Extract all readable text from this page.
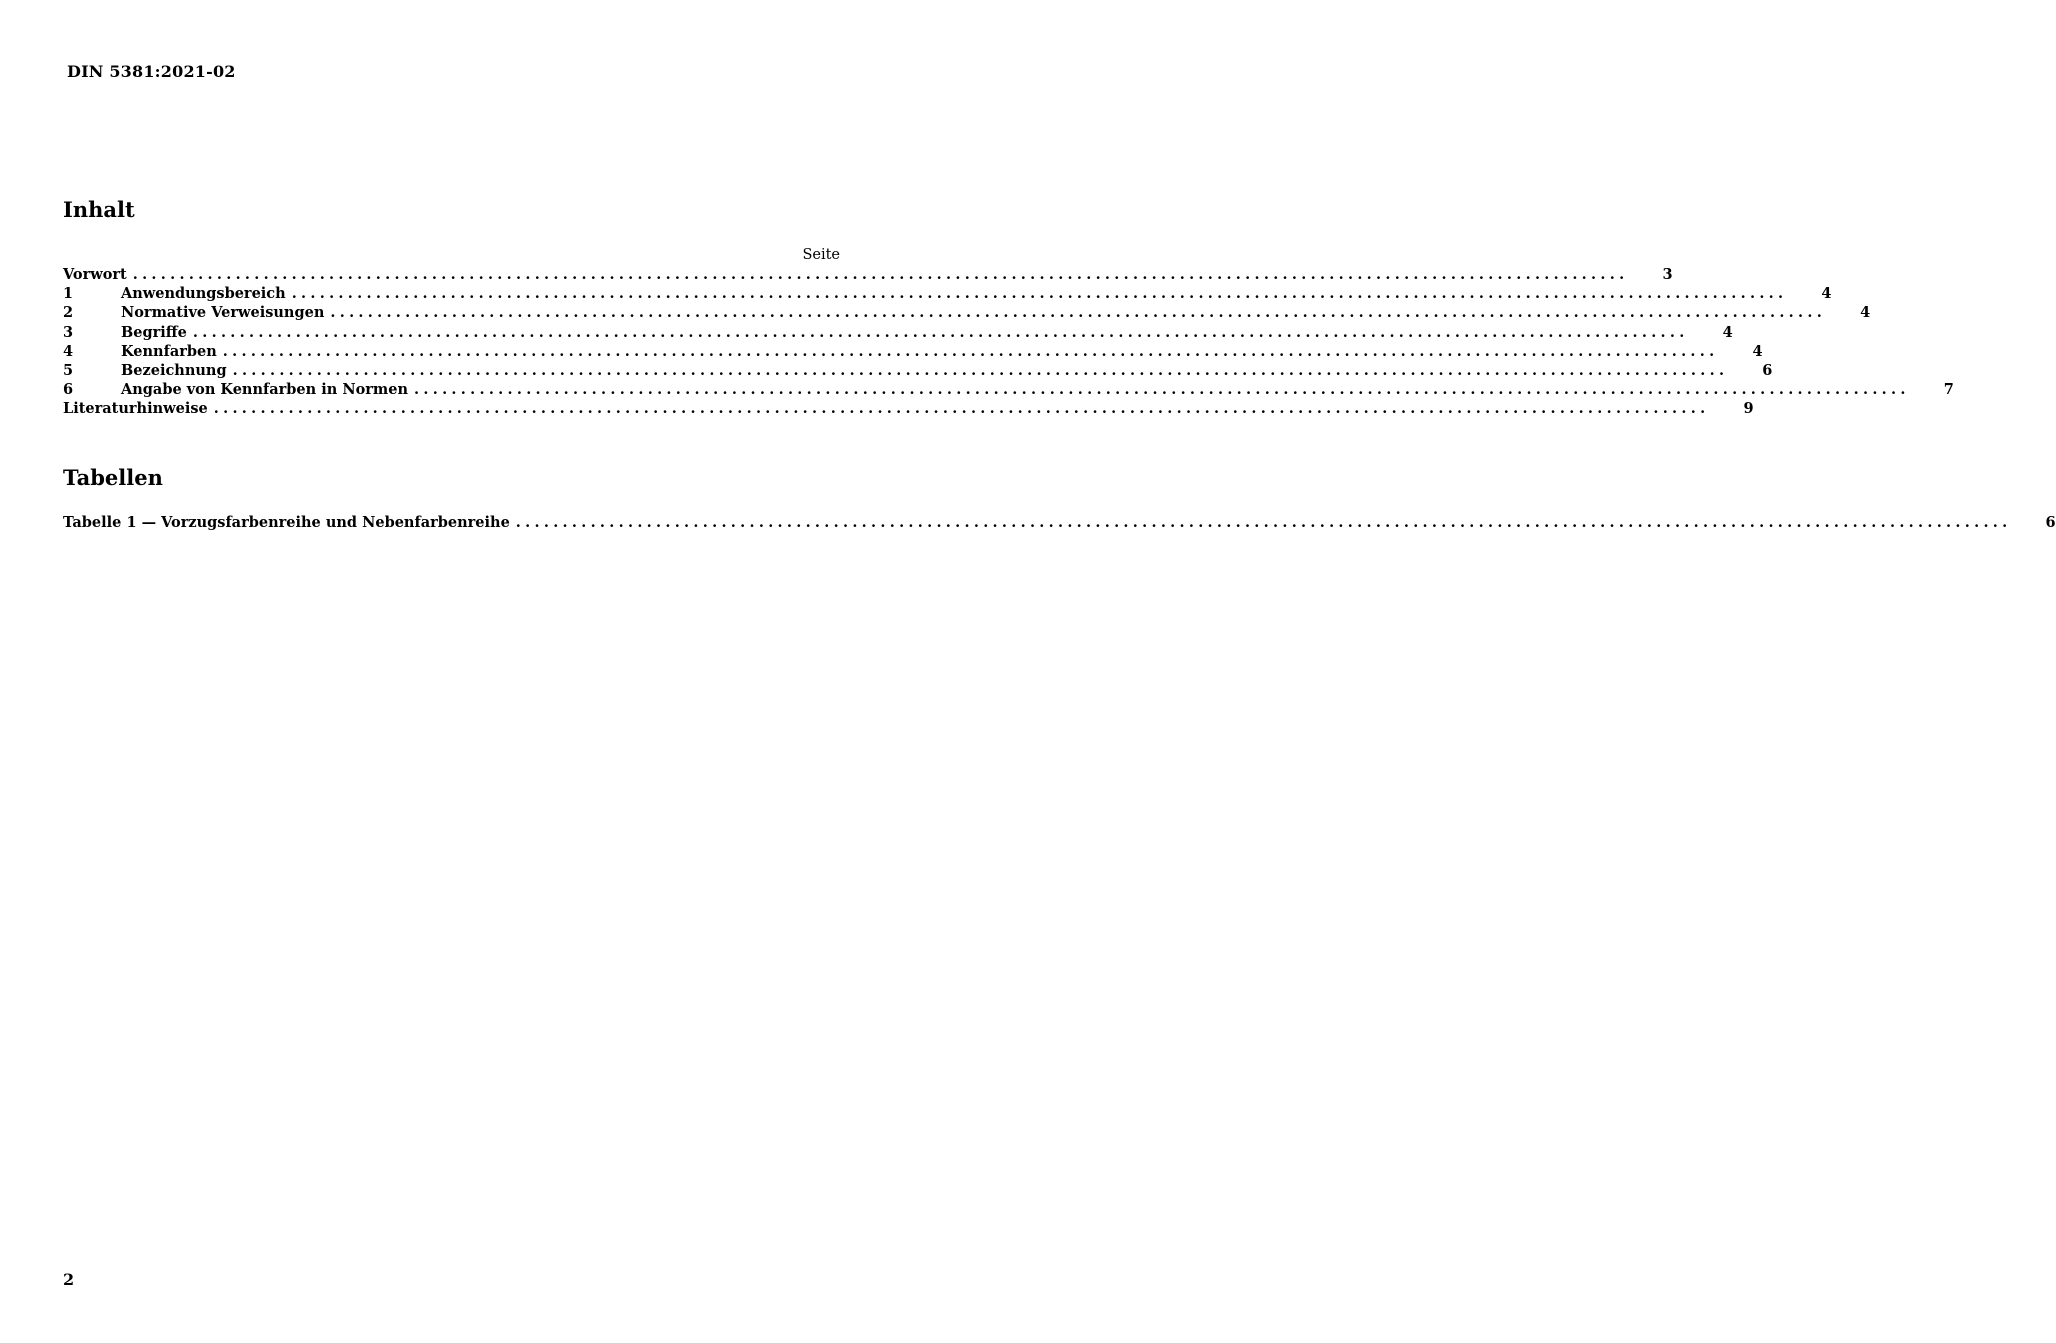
DIN 5381:2021-02
Inhalt
Seite
Vorwort ................................................................................................................................................................ 3
1	Anwendungsbereich ................................................................................................................................................................ 4
2	Normative Verweisungen ................................................................................................................................................................ 4
3	Begriffe ................................................................................................................................................................ 4
4	Kennfarben ................................................................................................................................................................ 4
5	Bezeichnung ................................................................................................................................................................ 6
6	Angabe von Kennfarben in Normen ................................................................................................................................................................ 7
Literaturhinweise ................................................................................................................................................................ 9
Tabellen
Tabelle 1 — Vorzugsfarbenreihe und Nebenfarbenreihe ................................................................................................................................................................ 6
2
